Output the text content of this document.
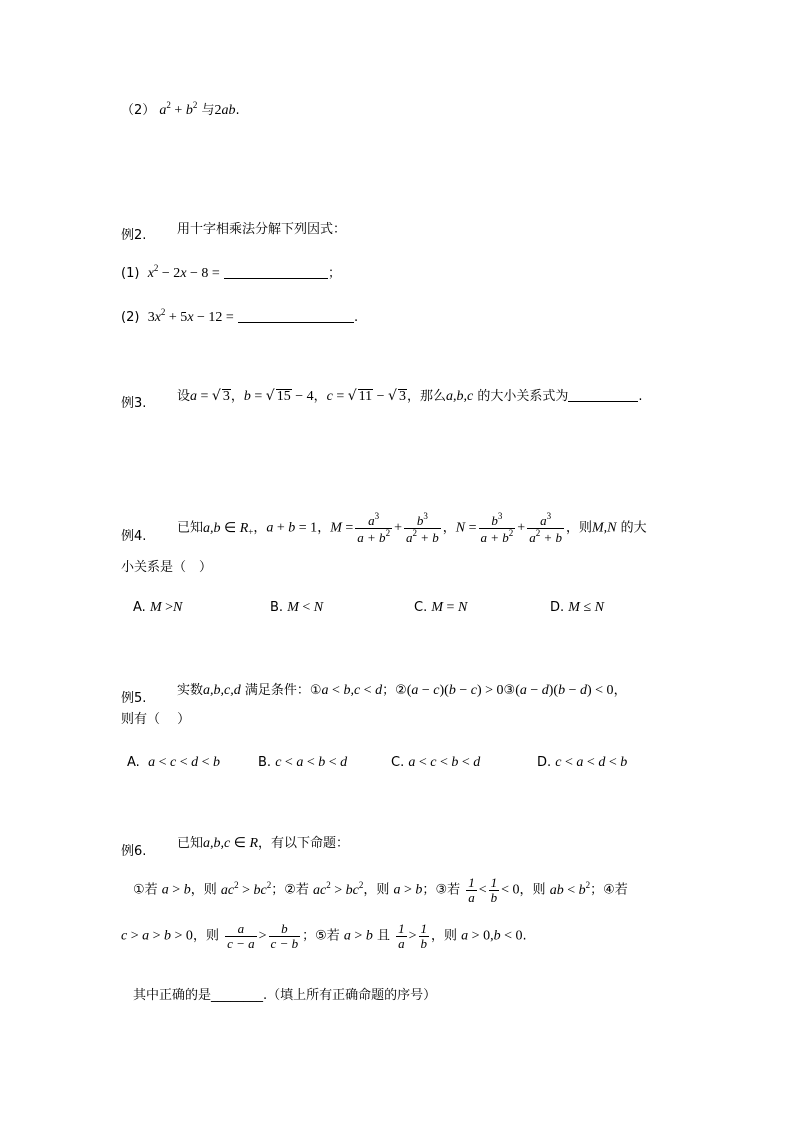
（2） $a^2 + b^2$ 与2ab.
例2. 用十字相乘法分解下列因式：
(1) $x^2 - 2x - 8$ =	；
(2) $3x^2 + 5x - 12$ =	.
例3. 设a = √ 3，b = √ 15 − 4，c = √ 11 − √ 3，那么a,b,c 的大小关系式为	.
例4.
已知a,b ∈ $R_+$，a + b = 1，$M = \frac{a^3}{a + b^2} + \frac{b^3}{a^2 + b}$ ，$N = \frac{b^3}{a + b^2} + \frac{a^3}{a^2 + b}$ ，则M,N 的大
小关系是（　）
A. M >N	B. M < N	C. M = N	D. M ≤ N
例5.
实数a,b,c,d 满足条件：①a < b,c < d；②(a − c)(b − c) > 0③(a − d)(b − d) < 0，
则有（　 ）
A. a < c < d < b	B. c < a < b < d	C. a < c < b < d	D. c < a < d < b
例6.
已知a,b,c ∈ R，有以下命题：
①若 a > b，则 $ac^2 > bc^2$；②若 $ac^2 > bc^2$，则 a > b；③若 $\frac{1}{a} < \frac{1}{b} < 0$，则 ab < $b^2$；④若
c > a > b > 0，则 $\frac{a}{c - a} > \frac{b}{c - b}$ ；⑤若 a > b 且 $\frac{1}{a} > \frac{1}{b}$ ，则 a > 0,b < 0.
其中正确的是________.（填上所有正确命题的序号）
